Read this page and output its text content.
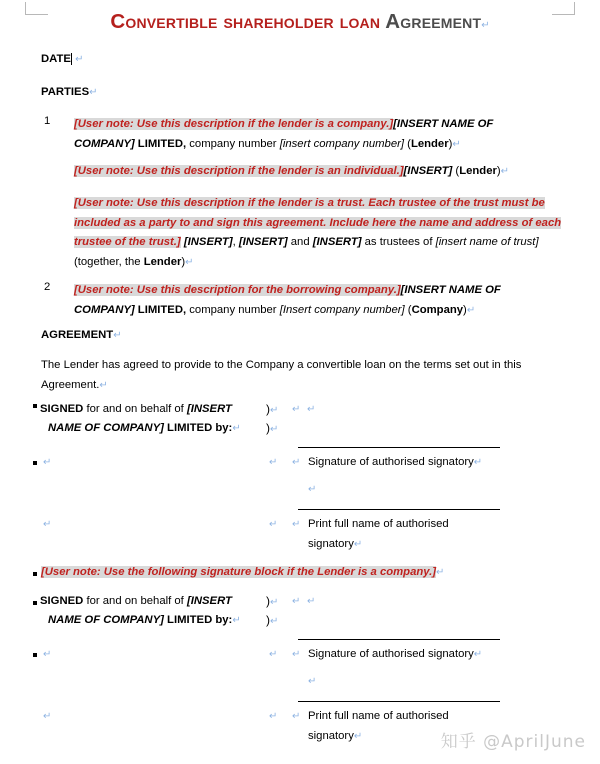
Convertible shareholder loan Agreement↵
DATE ↵
PARTIES↵
1 [User note: Use this description if the lender is a company.][INSERT NAME OF COMPANY] LIMITED, company number [insert company number] (Lender)↵
[User note: Use this description if the lender is an individual.][INSERT] (Lender)↵
[User note: Use this description if the lender is a trust. Each trustee of the trust must be included as a party to and sign this agreement. Include here the name and address of each trustee of the trust.] [INSERT], [INSERT] and [INSERT] as trustees of [insert name of trust] (together, the Lender)↵
2 [User note: Use this description for the borrowing company.][INSERT NAME OF COMPANY] LIMITED, company number [Insert company number] (Company)↵
AGREEMENT↵
The Lender has agreed to provide to the Company a convertible loan on the terms set out in this Agreement.↵
SIGNED for and on behalf of [INSERT
NAME OF COMPANY] LIMITED by:↵
)↵
)↵
↵ ↵
↵	↵ ↵ Signature of authorised signatory↵
↵
↵	↵ ↵ Print full name of authorised signatory↵
[User note: Use the following signature block if the Lender is a company.]↵
SIGNED for and on behalf of [INSERT
NAME OF COMPANY] LIMITED by:↵
)↵
)↵
↵ ↵
↵	↵ ↵ Signature of authorised signatory↵
↵
↵	↵ ↵ Print full name of authorised signatory↵	知乎 @AprilJune
